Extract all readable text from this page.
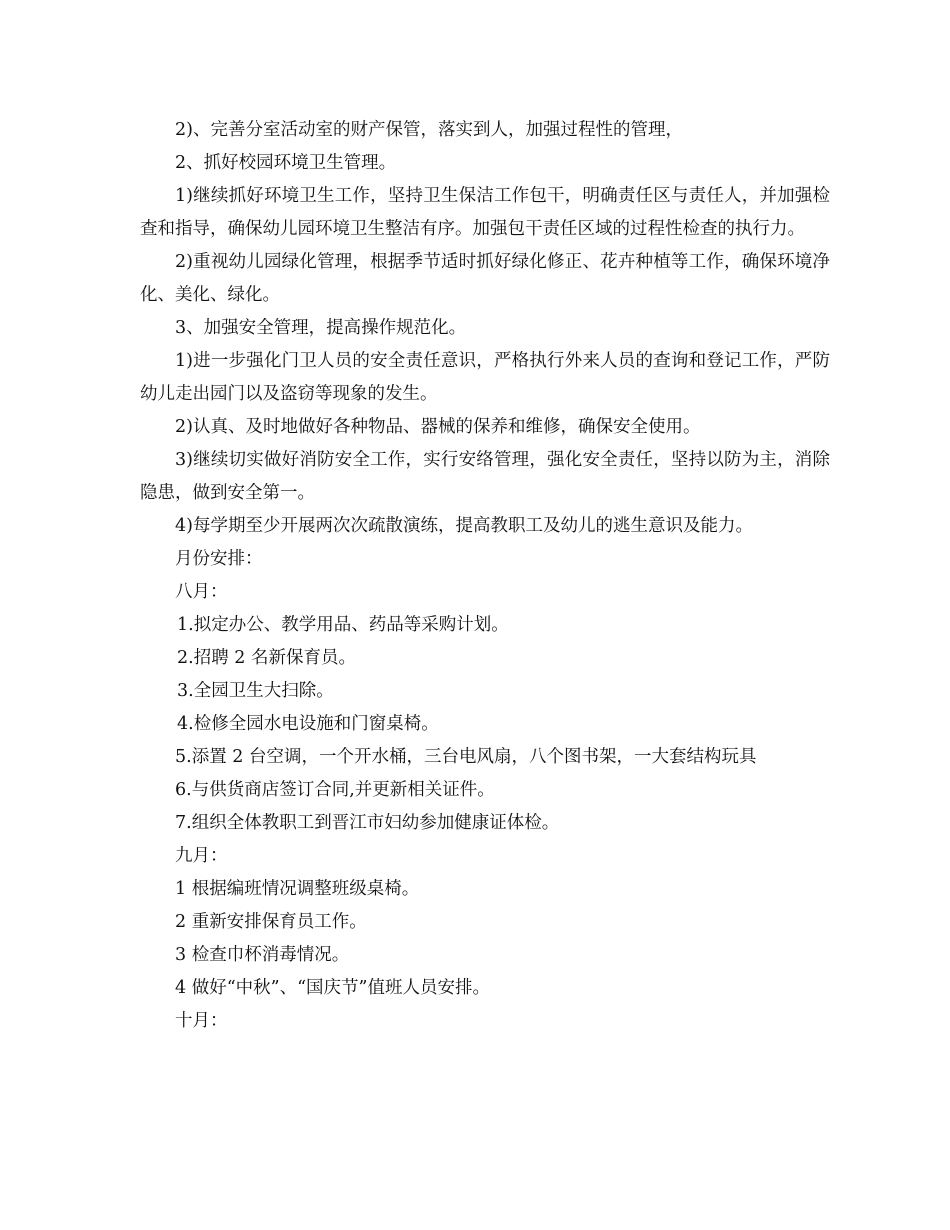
2)、完善分室活动室的财产保管，落实到人，加强过程性的管理，

2、抓好校园环境卫生管理。

1)继续抓好环境卫生工作，坚持卫生保洁工作包干，明确责任区与责任人，并加强检查和指导，确保幼儿园环境卫生整洁有序。加强包干责任区域的过程性检查的执行力。

2)重视幼儿园绿化管理，根据季节适时抓好绿化修正、花卉种植等工作，确保环境净化、美化、绿化。

3、加强安全管理，提高操作规范化。

1)进一步强化门卫人员的安全责任意识，严格执行外来人员的查询和登记工作，严防幼儿走出园门以及盗窃等现象的发生。

2)认真、及时地做好各种物品、器械的保养和维修，确保安全使用。

3)继续切实做好消防安全工作，实行安络管理，强化安全责任，坚持以防为主，消除隐患，做到安全第一。

4)每学期至少开展两次次疏散演练，提高教职工及幼儿的逃生意识及能力。

月份安排：

八月：

1.拟定办公、教学用品、药品等采购计划。

2.招聘 2 名新保育员。

3.全园卫生大扫除。

4.检修全园水电设施和门窗桌椅。

5.添置 2 台空调，一个开水桶，三台电风扇，八个图书架，一大套结构玩具

6.与供货商店签订合同,并更新相关证件。

7.组织全体教职工到晋江市妇幼参加健康证体检。

九月：

1 根据编班情况调整班级桌椅。

2 重新安排保育员工作。

3 检查巾杯消毒情况。

4 做好“中秋”、“国庆节”值班人员安排。

十月：
